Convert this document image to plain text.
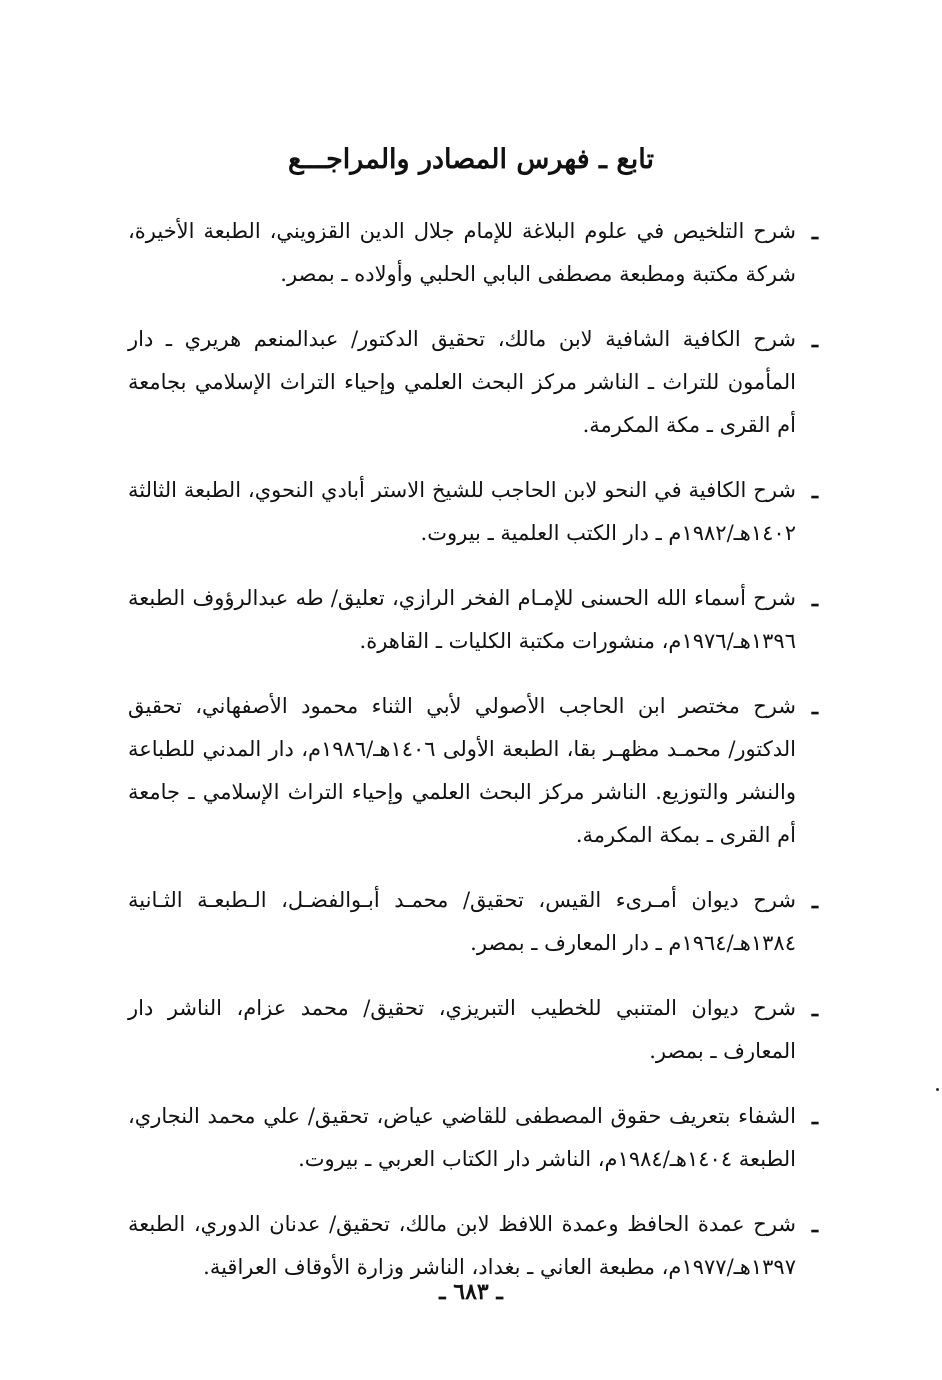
تابع ـ فهرس المصادر والمراجـــع
ـ
شرح التلخيص في علوم البلاغة للإمام جلال الدين القزويني، الطبعة الأخيرة، شركة مكتبة ومطبعة مصطفى البابي الحلبي وأولاده ـ بمصر.
ـ
شرح الكافية الشافية لابن مالك، تحقيق الدكتور/ عبدالمنعم هريري ـ دار المأمون للتراث ـ الناشر مركز البحث العلمي وإحياء التراث الإسلامي بجامعة أم القرى ـ مكة المكرمة.
ـ
شرح الكافية في النحو لابن الحاجب للشيخ الاستر أبادي النحوي، الطبعة الثالثة ١٤٠٢هـ/١٩٨٢م ـ دار الكتب العلمية ـ بيروت.
ـ
شرح أسماء الله الحسنى للإمـام الفخر الرازي، تعليق/ طه عبدالرؤوف الطبعة ١٣٩٦هـ/١٩٧٦م، منشورات مكتبة الكليات ـ القاهرة.
ـ
شرح مختصر ابن الحاجب الأصولي لأبي الثناء محمود الأصفهاني، تحقيق الدكتور/ محمـد مظهـر بقا، الطبعة الأولى ١٤٠٦هـ/١٩٨٦م، دار المدني للطباعة والنشر والتوزيع. الناشر مركز البحث العلمي وإحياء التراث الإسلامي ـ جامعة أم القرى ـ بمكة المكرمة.
ـ
شرح ديوان أمـرىء القيس، تحقيق/ محمـد أبـوالفضـل، الـطبعـة الثـانية ١٣٨٤هـ/١٩٦٤م ـ دار المعارف ـ بمصر.
ـ
شرح ديوان المتنبي للخطيب التبريزي، تحقيق/ محمد عزام، الناشر دار المعارف ـ بمصر.
ـ
الشفاء بتعريف حقوق المصطفى للقاضي عياض، تحقيق/ علي محمد النجاري، الطبعة ١٤٠٤هـ/١٩٨٤م، الناشر دار الكتاب العربي ـ بيروت.
ـ
شرح عمدة الحافظ وعمدة اللافظ لابن مالك، تحقيق/ عدنان الدوري، الطبعة ١٣٩٧هـ/١٩٧٧م، مطبعة العاني ـ بغداد، الناشر وزارة الأوقاف العراقية.
ـ ٦٨٣ ـ
